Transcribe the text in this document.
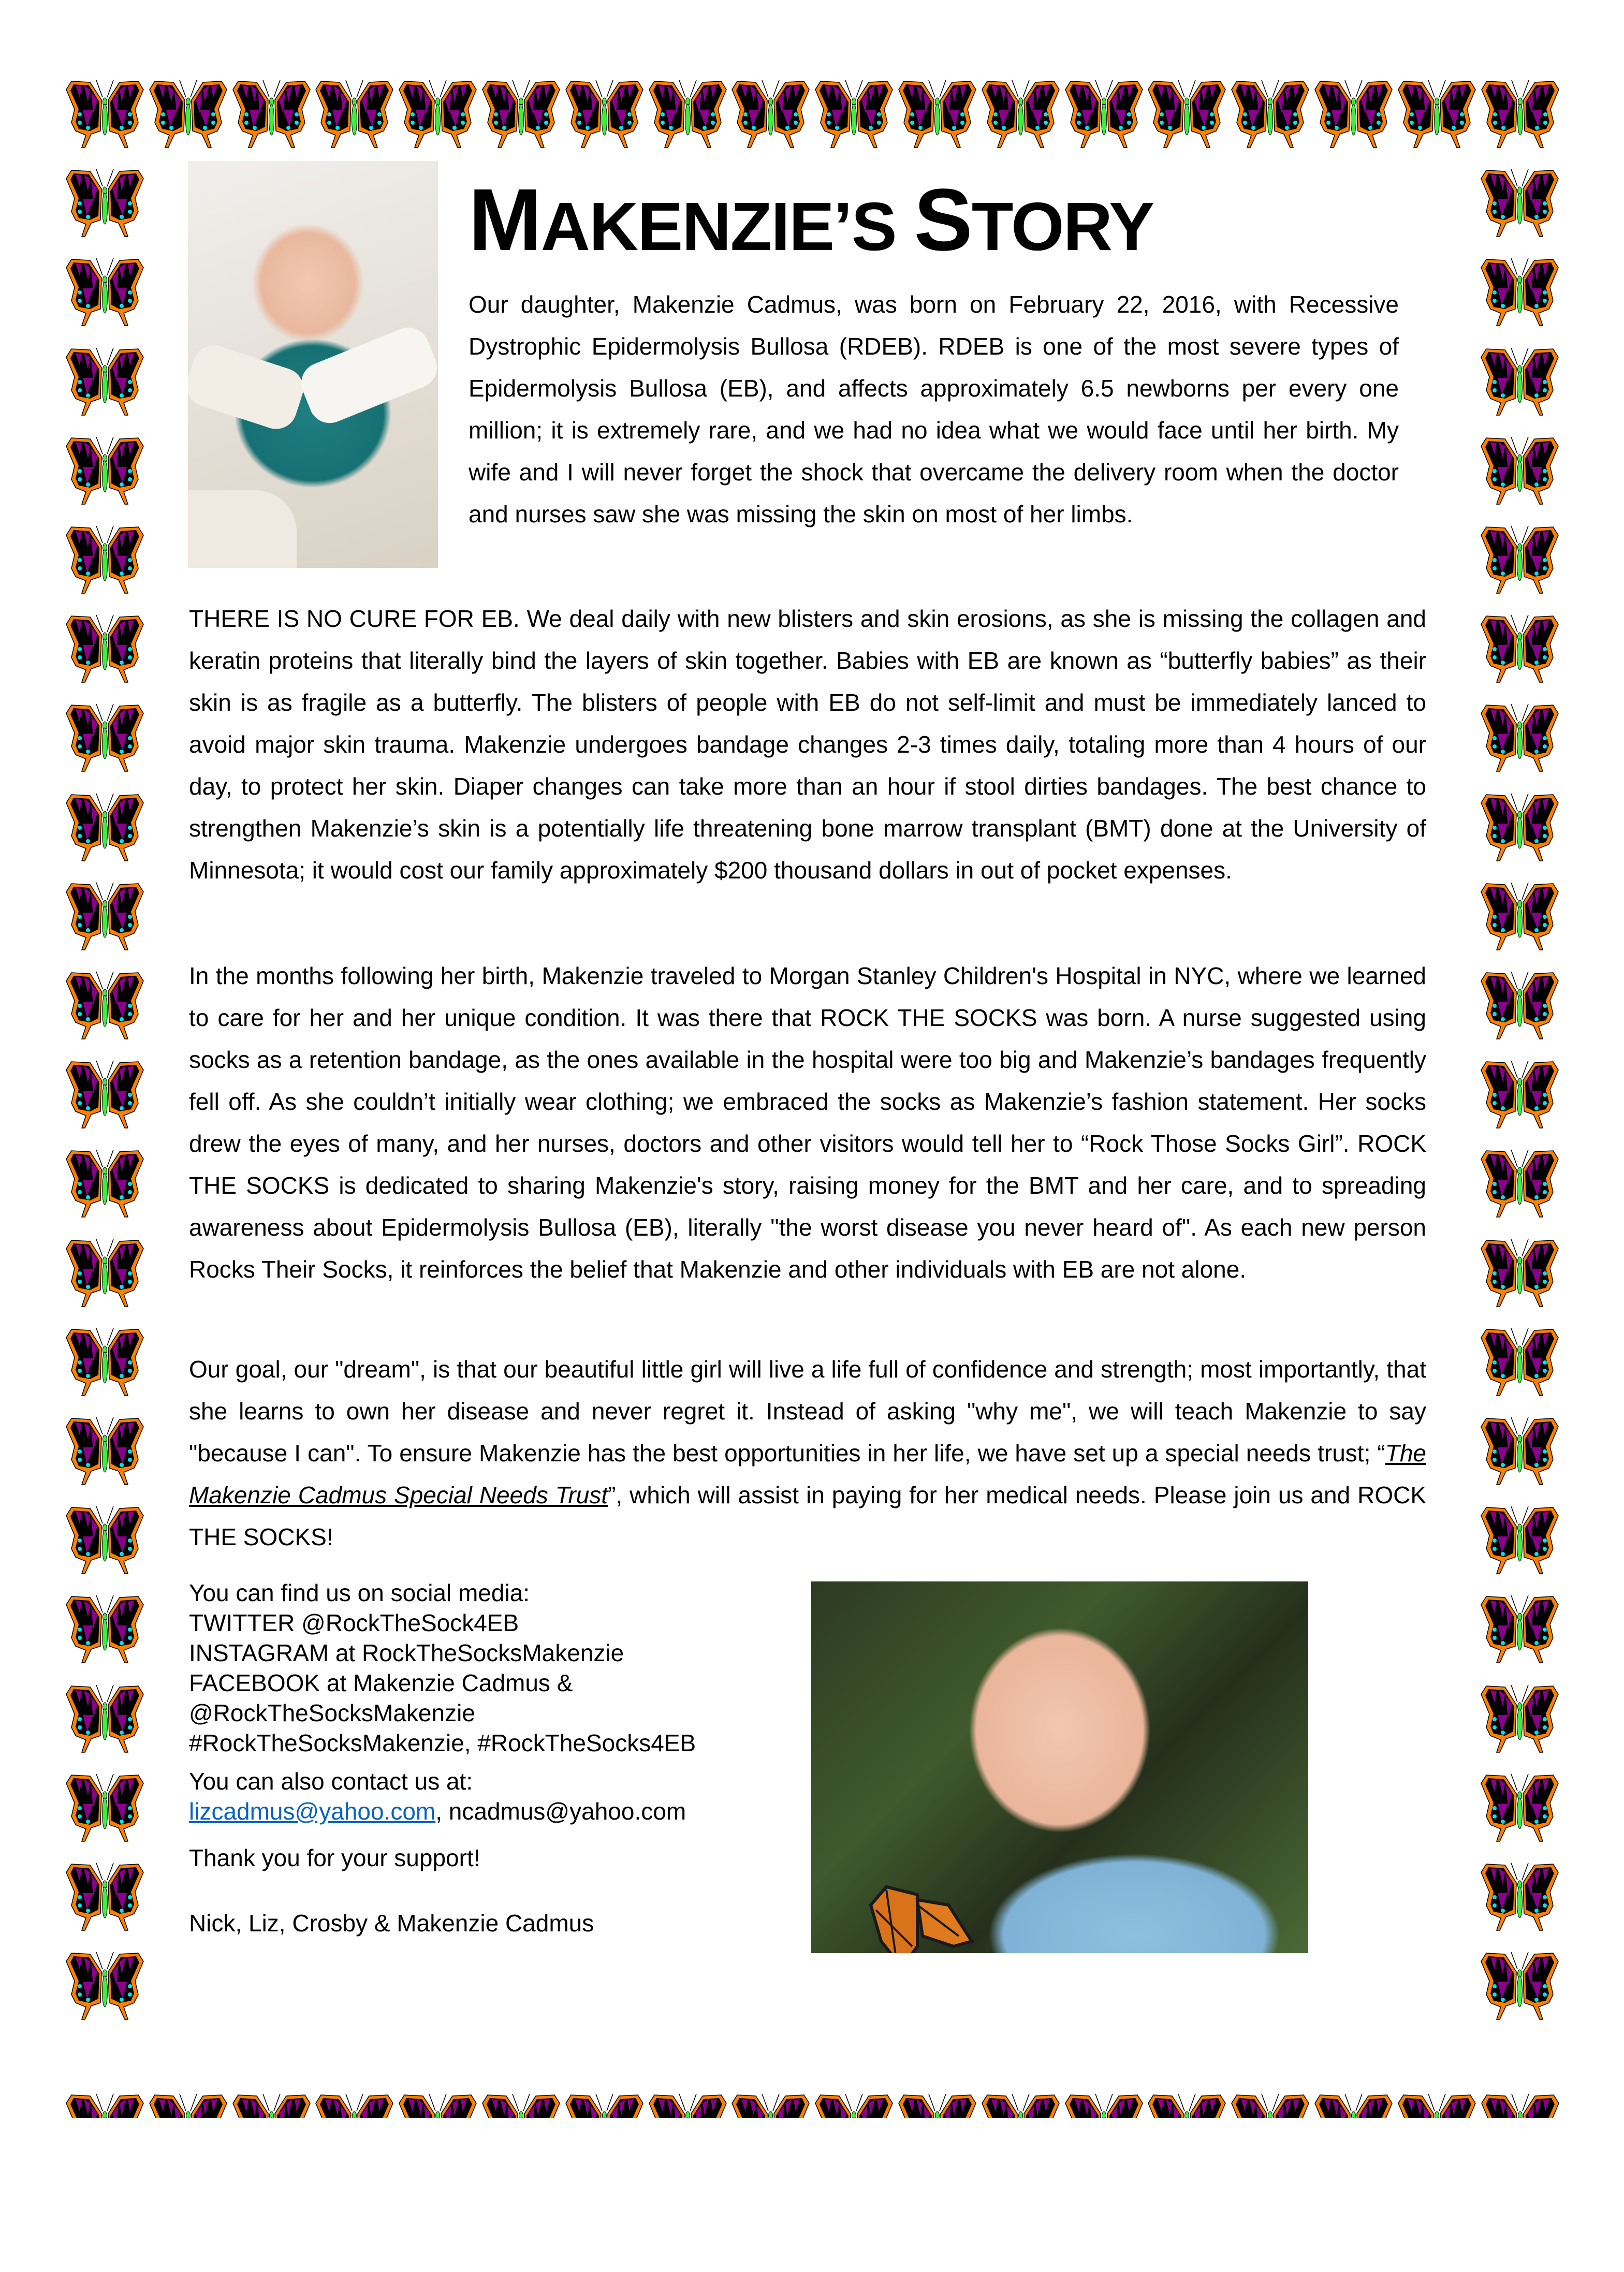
MAKENZIE’S STORY

Our daughter, Makenzie Cadmus, was born on February 22, 2016, with Recessive Dystrophic Epidermolysis Bullosa (RDEB). RDEB is one of the most severe types of Epidermolysis Bullosa (EB), and affects approximately 6.5 newborns per every one million; it is extremely rare, and we had no idea what we would face until her birth. My wife and I will never forget the shock that overcame the delivery room when the doctor and nurses saw she was missing the skin on most of her limbs.

THERE IS NO CURE FOR EB. We deal daily with new blisters and skin erosions, as she is missing the collagen and keratin proteins that literally bind the layers of skin together. Babies with EB are known as “butterfly babies” as their skin is as fragile as a butterfly. The blisters of people with EB do not self-limit and must be immediately lanced to avoid major skin trauma. Makenzie undergoes bandage changes 2-3 times daily, totaling more than 4 hours of our day, to protect her skin. Diaper changes can take more than an hour if stool dirties bandages. The best chance to strengthen Makenzie’s skin is a potentially life threatening bone marrow transplant (BMT) done at the University of Minnesota; it would cost our family approximately $200 thousand dollars in out of pocket expenses.

In the months following her birth, Makenzie traveled to Morgan Stanley Children's Hospital in NYC, where we learned to care for her and her unique condition. It was there that ROCK THE SOCKS was born. A nurse suggested using socks as a retention bandage, as the ones available in the hospital were too big and Makenzie’s bandages frequently fell off. As she couldn’t initially wear clothing; we embraced the socks as Makenzie’s fashion statement. Her socks drew the eyes of many, and her nurses, doctors and other visitors would tell her to “Rock Those Socks Girl”. ROCK THE SOCKS is dedicated to sharing Makenzie's story, raising money for the BMT and her care, and to spreading awareness about Epidermolysis Bullosa (EB), literally "the worst disease you never heard of". As each new person Rocks Their Socks, it reinforces the belief that Makenzie and other individuals with EB are not alone.

Our goal, our "dream", is that our beautiful little girl will live a life full of confidence and strength; most importantly, that she learns to own her disease and never regret it. Instead of asking "why me", we will teach Makenzie to say "because I can". To ensure Makenzie has the best opportunities in her life, we have set up a special needs trust; “The Makenzie Cadmus Special Needs Trust”, which will assist in paying for her medical needs. Please join us and ROCK THE SOCKS!

You can find us on social media:
TWITTER @RockTheSock4EB
INSTAGRAM at RockTheSocksMakenzie
FACEBOOK at Makenzie Cadmus &
@RockTheSocksMakenzie
#RockTheSocksMakenzie, #RockTheSocks4EB
You can also contact us at:
lizcadmus@yahoo.com, ncadmus@yahoo.com
Thank you for your support!
Nick, Liz, Crosby & Makenzie Cadmus
